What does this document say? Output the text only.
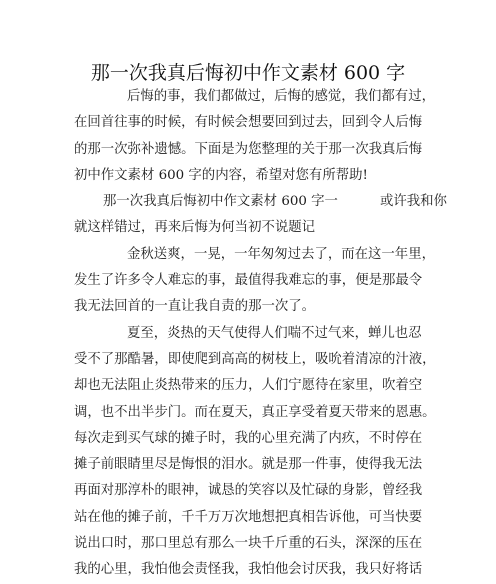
那一次我真后悔初中作文素材 600 字
后悔的事，我们都做过，后悔的感觉，我们都有过，
在回首往事的时候，有时候会想要回到过去，回到令人后悔
的那一次弥补遗憾。下面是为您整理的关于那一次我真后悔
初中作文素材 600 字的内容，希望对您有所帮助!
那一次我真后悔初中作文素材 600 字一	或许我和你
就这样错过，再来后悔为何当初不说题记
金秋送爽，一晃，一年匆匆过去了，而在这一年里，
发生了许多令人难忘的事，最值得我难忘的事，便是那最令
我无法回首的一直让我自责的那一次了。
夏至，炎热的天气使得人们喘不过气来，蝉儿也忍
受不了那酷暑，即使爬到高高的树枝上，吸吮着清凉的汁液，
却也无法阻止炎热带来的压力，人们宁愿待在家里，吹着空
调，也不出半步门。而在夏天，真正享受着夏天带来的恩惠。
每次走到买气球的摊子时，我的心里充满了内疚，不时停在
摊子前眼睛里尽是悔恨的泪水。就是那一件事，使得我无法
再面对那淳朴的眼神，诚恳的笑容以及忙碌的身影，曾经我
站在他的摊子前，千千万万次地想把真相告诉他，可当快要
说出口时，那口里总有那么一块千斤重的石头，深深的压在
我的心里，我怕他会责怪我，我怕他会讨厌我，我只好将话
